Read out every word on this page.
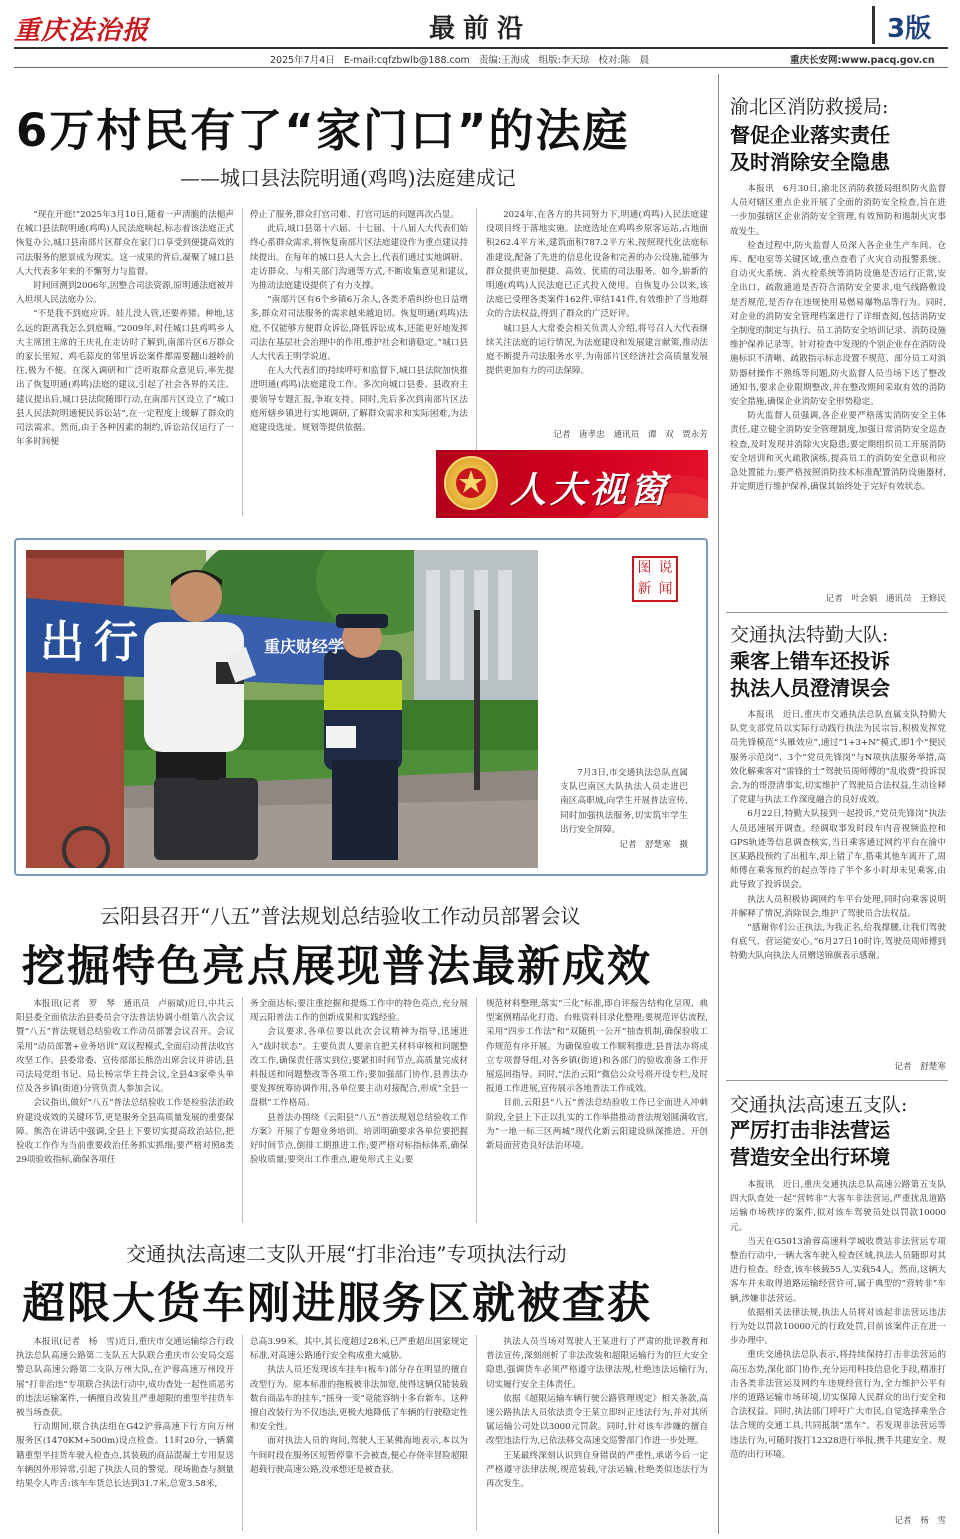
重庆法治报	最前沿	3版
2025年7月4日 E-mail:cqfzbwlb@188.com 责编:王海成 组版:李天琼 校对:陈　晨	重庆长安网:www.pacq.gov.cn
6万村民有了“家门口”的法庭
——城口县法院明通(鸡鸣)法庭建成记

“现在开庭!”2025年3月10日,随着一声清脆的法槌声在城口县法院明通(鸡鸣)人民法庭响起,标志着该法庭正式恢复办公,城口县南部片区群众在家门口享受到便捷高效的司法服务的愿景成为现实。这一成果的背后,凝聚了城口县人大代表多年来的不懈努力与监督。

时间回溯到2006年,因整合司法资源,原明通法庭被并入坦坝人民法庭办公。

“不是我不到庭应诉。娃儿没人管,还要养猪、种地,这么远的距离我怎么到庭嘛。”2009年,时任城口县鸡鸣乡人大主席团主席的王庆礼在走访时了解到,南部片区6万群众的家长里短、鸡毛蒜皮的邻里诉讼案件都需要翻山越岭前往,极为不便。在深入调研和广泛听取群众意见后,率先提出了恢复明通(鸡鸣)法庭的建议,引起了社会各界的关注。建议提出后,城口县法院随即行动,在南部片区设立了“城口县人民法院明通便民诉讼站”,在一定程度上缓解了群众的司法需求。然而,由于各种因素的制约,诉讼站仅运行了一年多时间便

停止了服务,群众打官司难、打官司远的问题再次凸显。

此后,城口县第十六届、十七届、十八届人大代表们始终心系群众需求,将恢复南部片区法庭建设作为重点建议持续提出。在每年的城口县人大会上,代表们通过实地调研、走访群众、与相关部门沟通等方式,不断收集意见和建议,为推动法庭建设提供了有力支撑。

“南部片区有6个乡镇6万余人,各类矛盾纠纷也日益增多,群众对司法服务的需求越来越迫切。恢复明通(鸡鸣)法庭,不仅能够方便群众诉讼,降低诉讼成本,还能更好地发挥司法在基层社会治理中的作用,维护社会和谐稳定。”城口县人大代表王明学说道。

在人大代表们的持续呼吁和监督下,城口县法院加快推进明通(鸡鸣)法庭建设工作。多次向城口县委、县政府主要领导专题汇报,争取支持。同时,先后多次到南部片区法庭所辖乡镇进行实地调研,了解群众需求和实际困难,为法庭建设选址、规划等提供依据。

2024年,在各方的共同努力下,明通(鸡鸣)人民法庭建设项目终于落地实施。法庭选址在鸡鸣乡原客运站,占地面积262.4平方米,建筑面积787.2平方米,按照现代化法庭标准建设,配备了先进的信息化设备和完善的办公设施,能够为群众提供更加便捷、高效、优质的司法服务。如今,崭新的明通(鸡鸣)人民法庭已正式投入使用。自恢复办公以来,该法庭已受理各类案件162件,审结141件,有效维护了当地群众的合法权益,得到了群众的广泛好评。

城口县人大常委会相关负责人介绍,将号召人大代表继续关注法庭的运行情况,为法庭建设和发展建言献策,推动法庭不断提升司法服务水平,为南部片区经济社会高质量发展提供更加有力的司法保障。

记者　唐孝忠　通讯员　谭　双　贾永芳
人大视窗
出行	重庆财经学
图 说
新 闻
7月3日,市交通执法总队直属支队巴南区大队执法人员走进巴南区高职城,向学生开展普法宣传,同时加强执法服务,切实筑牢学生出行安全屏障。
记者　舒楚寒　摄
云阳县召开“八五”普法规划总结验收工作动员部署会议
挖掘特色亮点展现普法最新成效

本报讯(记者　罗　琴　通讯员　卢丽斌)近日,中共云阳县委全面依法治县委员会守法普法协调小组第八次会议暨“八五”普法规划总结验收工作动员部署会议召开。会议采用“动员部署+业务培训”双议程模式,全面启动普法收官攻坚工作。县委常委、宣传部部长熊浩出席会议并讲话,县司法局党组书记、局长杨宗华主持会议,全县43家牵头单位及各乡镇(街道)分管负责人参加会议。

会议指出,做好“八五”普法总结验收工作是检验法治政府建设成效的关键环节,更是服务全县高质量发展的重要保障。熊浩在讲话中强调,全县上下要切实提高政治站位,把验收工作作为当前重要政治任务抓实抓细;要严格对照8类29项验收指标,确保各项任

务全面达标;要注重挖掘和提炼工作中的特色亮点,充分展现云阳普法工作的创新成果和实践经验。

会议要求,各单位要以此次会议精神为指导,迅速进入“战时状态”。主要负责人要亲自把关材料审核和问题整改工作,确保责任落实到位;要紧扣时间节点,高质量完成材料报送和问题整改等各项工作;要加强部门协作,县普法办要发挥统筹协调作用,各单位要主动对接配合,形成“全县一盘棋”工作格局。

县普法办围绕《云阳县“八五”普法规划总结验收工作方案》开展了专题业务培训。培训明确要求各单位要把握好时间节点,倒排工期推进工作;要严格对标指标体系,确保验收质量;要突出工作重点,避免形式主义;要

规范材料整理,落实“三化”标准,即自评报告结构化呈现、典型案例精品化打造、台账资料目录化整理;要规范评估流程,采用“四步工作法”和“双随机一公开”抽查机制,确保验收工作规范有序开展。为确保验收工作顺利推进,县普法办将成立专项督导组,对各乡镇(街道)和各部门的验收准备工作开展巡回指导。同时,“法治云阳”微信公众号将开设专栏,及时报道工作进展,宣传展示各地普法工作成效。

目前,云阳县“八五”普法总结验收工作已全面进入冲刺阶段,全县上下正以扎实的工作举措推动普法规划圆满收官,为“一地一标三区两城”现代化新云阳建设纵深推进、开创新局面营造良好法治环境。

交通执法高速二支队开展“打非治违”专项执法行动
超限大货车刚进服务区就被查获

本报讯(记者　杨　雪)近日,重庆市交通运输综合行政执法总队高速公路第二支队五大队联合重庆市公安局交巡警总队高速公路第二支队万州大队,在沪蓉高速万州段开展“打非治违”专项联合执法行动中,成功查处一起性质恶劣的违法运输案件,一辆擅自改装且严重超限的重型半挂货车被当场查获。

行动期间,联合执法组在G42沪蓉高速下行方向万州服务区(1470KM+500m)设点检查。11时20分,一辆冀籍重型半挂货车驶入检查点,其装载的商品混凝土专用泵送车辆因外形异常,引起了执法人员的警觉。现场勘查与测量结果令人咋舌:该车车货总长达到31.7米,总宽3.58米,

总高3.99米。其中,其长度超过28米,已严重超出国家规定标准,对高速公路通行安全构成重大威胁。

执法人员还发现该车挂车(板车)部分存在明显的擅自改型行为。原本标准的拖板被非法加宽,使得这辆仅能装载数台商品车的挂车,“摇身一变”竟能容纳十多台新车。这种擅自改装行为不仅违法,更极大地降低了车辆的行驶稳定性和安全性。

面对执法人员的询问,驾驶人王某佛海地表示,本以为午间时段在服务区短暂停靠不会被查,便心存侥幸冒险超限超载行驶高速公路,没承想还是被查获。

执法人员当场对驾驶人王某进行了严肃的批评教育和普法宣传,深刻剖析了非法改装和超限运输行为的巨大安全隐患,强调货车必须严格遵守法律法规,杜绝违法运输行为,切实履行安全主体责任。

依据《超限运输车辆行驶公路管理规定》相关条款,高速公路执法人员依法责令王某立即纠正违法行为,并对其所属运输公司处以3000元罚款。同时,针对该车涉嫌的擅自改型违法行为,已依法移交高速交巡警部门作进一步处理。

王某最终深刻认识到自身错误的严重性,承诺今后一定严格遵守法律法规,规范装载,守法运输,杜绝类似违法行为再次发生。

渝北区消防救援局:
督促企业落实责任
及时消除安全隐患

本报讯　6月30日,渝北区消防救援局组织防火监督人员对辖区重点企业开展了全面的消防安全检查,旨在进一步加强辖区企业消防安全管理,有效预防和遏制火灾事故发生。

检查过程中,防火监督人员深入各企业生产车间、仓库、配电室等关键区域,重点查看了火灾自动报警系统、自动灭火系统、消火栓系统等消防设施是否运行正常,安全出口、疏散通道是否符合消防安全要求,电气线路敷设是否规范,是否存在违规使用易燃易爆物品等行为。同时,对企业的消防安全管理档案进行了详细查阅,包括消防安全制度的制定与执行、员工消防安全培训记录、消防设施维护保养记录等。针对检查中发现的个别企业存在消防设施标识不清晰、疏散指示标志设置不规范、部分员工对消防器材操作不熟练等问题,防火监督人员当场下达了整改通知书,要求企业限期整改,并在整改期间采取有效的消防安全措施,确保企业消防安全形势稳定。

防火监督人员强调,各企业要严格落实消防安全主体责任,建立健全消防安全管理制度,加强日常消防安全巡查检查,及时发现并消除火灾隐患;要定期组织员工开展消防安全培训和灭火疏散演练,提高员工的消防安全意识和应急处置能力;要严格按照消防技术标准配置消防设施器材,并定期进行维护保养,确保其始终处于完好有效状态。

记者　叶会娟　通讯员　王修民
交通执法特勤大队:
乘客上错车还投诉
执法人员澄清误会

本报讯　近日,重庆市交通执法总队直属支队特勤大队党支部党员以实际行动践行执法为民宗旨,积极发挥党员先锋模范“头雁效应”,通过“1+3+N”模式,即1个“便民服务示范岗”、3个“党员先锋岗”与N项执法服务举措,高效化解乘客对“雷锋的士”驾驶员周师傅的“乱收费”投诉误会,为的哥澄清事实,切实维护了驾驶员合法权益,生动诠释了党建与执法工作深度融合的良好成效。

6月22日,特勤大队接到一起投诉,“党员先锋岗”执法人员迅速展开调查。经调取事发时段车内音视频监控和GPS轨迹等信息调查核实,当日乘客通过网约平台在渝中区某路段预约了出租车,却上错了车,搭乘其他车离开了,周师傅在乘客预约的起点等待了半个多小时却未见乘客,由此导致了投诉误会。

执法人员积极协调网约车平台处理,同时向乘客说明并解释了情况,消除误会,维护了驾驶员合法权益。

“感谢你们公正执法,为我正名,给我撑腰,让我们驾驶有底气、营运能安心。”6月27日10时许,驾驶员周师傅到特勤大队向执法人员赠送锦旗表示感谢。

记者　舒楚寒
交通执法高速五支队:
严厉打击非法营运
营造安全出行环境

本报讯　近日,重庆交通执法总队高速公路第五支队四大队查处一起“营转非”大客车非法营运,严重扰乱道路运输市场秩序的案件,拟对该车驾驶员处以罚款10000元。

当天在G5013渝蓉高速科学城收费站非法营运专项整治行动中,一辆大客车驶入检查区域,执法人员随即对其进行检查。经查,该车核载55人,实载54人。然而,这辆大客车并未取得道路运输经营许可,属于典型的“营转非”车辆,涉嫌非法营运。

依据相关法律法规,执法人员将对该起非法营运违法行为处以罚款10000元的行政处罚,目前该案件正在进一步办理中。

重庆交通执法总队表示,将持续保持打击非法营运的高压态势,深化部门协作,充分运用科技信息化手段,精准打击各类非法营运及网约车违规经营行为,全力维护公平有序的道路运输市场环境,切实保障人民群众的出行安全和合法权益。同时,执法部门呼吁广大市民,自觉选择乘坐合法合规的交通工具,共同抵制“黑车”。若发现非法营运等违法行为,可随时拨打12328进行举报,携手共建安全、规范的出行环境。

记者　杨　雪
